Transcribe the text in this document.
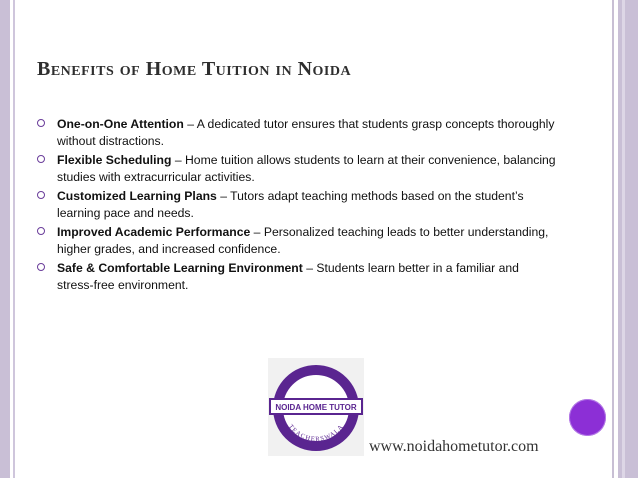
Benefits of Home Tuition in Noida
One-on-One Attention – A dedicated tutor ensures that students grasp concepts thoroughly without distractions.
Flexible Scheduling – Home tuition allows students to learn at their convenience, balancing studies with extracurricular activities.
Customized Learning Plans – Tutors adapt teaching methods based on the student’s learning pace and needs.
Improved Academic Performance – Personalized teaching leads to better understanding, higher grades, and increased confidence.
Safe & Comfortable Learning Environment – Students learn better in a familiar and stress-free environment.
NOIDA HOME TUTOR
TEACHERSWALA
www.noidahometutor.com
